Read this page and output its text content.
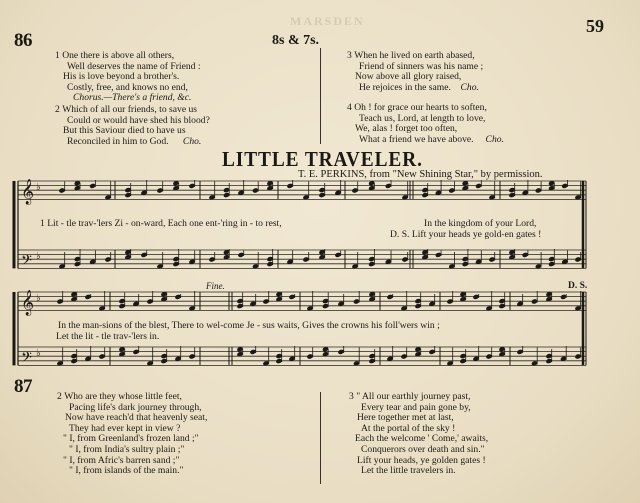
MARSDEN
86	8s & 7s.
59
1 One there is above all others,
Well deserves the name of Friend :
His is love beyond a brother's.
Costly, free, and knows no end,
Chorus.—There's a friend, &c.
2 Which of all our friends, to save us
Could or would have shed his blood?
But this Saviour died to have us
Reconciled in him to God. Cho.
3 When he lived on earth abased,
Friend of sinners was his name ;
Now above all glory raised,
He rejoices in the same. Cho.
4 Oh ! for grace our hearts to soften,
Teach us, Lord, at length to love,
We, alas ! forget too often,
What a friend we have above. Cho.
LITTLE TRAVELER.
T. E. PERKINS, from "New Shining Star," by permission.
𝄞 ♭
𝄢 ♭
𝄞 ♭
𝄢 ♭
1 Lit - tle trav-'lers Zi - on-ward, Each one ent-'ring in - to rest,	In the kingdom of your Lord,
D. S. Lift your heads ye gold-en gates !
Fine.	D. S.
In the man-sions of the blest, There to wel-come Je - sus waits, Gives the crowns his foll'wers win ;
Let the lit - tle trav-'lers in.
87	2 Who are they whose little feet,
Pacing life's dark journey through,
Now have reach'd that heavenly seat,
They had ever kept in view ?
" I, from Greenland's frozen land ;"
" I, from India's sultry plain ;"
" I, from Afric's barren sand ;"
" I, from islands of the main."
3 " All our earthly journey past,
Every tear and pain gone by,
Here together met at last,
At the portal of the sky !
Each the welcome ' Come,' awaits,
Conquerors over death and sin."
Lift your heads, ye golden gates !
Let the little travelers in.
